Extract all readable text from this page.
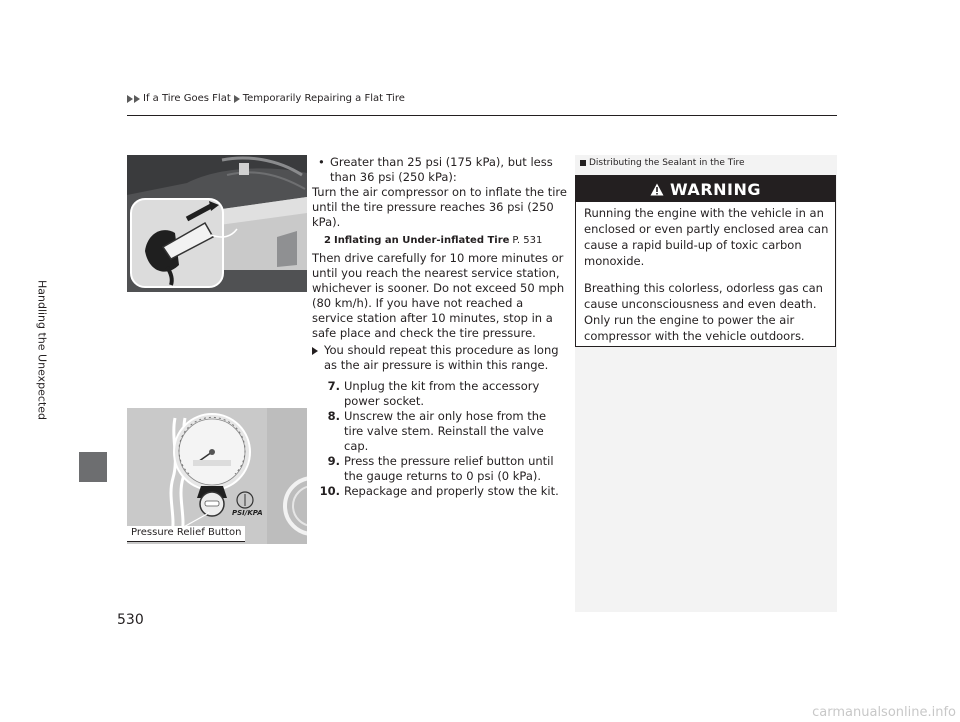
If a Tire Goes Flat Temporarily Repairing a Flat Tire
Handling the Unexpected
530
PSI/KPA
Pressure Relief Button
• Greater than 25 psi (175 kPa), but less than 36 psi (250 kPa):

Turn the air compressor on to inflate the tire until the tire pressure reaches 36 psi (250 kPa).

2 Inflating an Under-inflated Tire P. 531

Then drive carefully for 10 more minutes or until you reach the nearest service station, whichever is sooner. Do not exceed 50 mph (80 km/h). If you have not reached a service station after 10 minutes, stop in a safe place and check the tire pressure.

You should repeat this procedure as long as the air pressure is within this range.
7. Unplug the kit from the accessory power socket.
8. Unscrew the air only hose from the tire valve stem. Reinstall the valve cap.
9. Press the pressure relief button until the gauge returns to 0 psi (0 kPa).
10. Repackage and properly stow the kit.
Distributing the Sealant in the Tire
WARNING

Running the engine with the vehicle in an enclosed or even partly enclosed area can cause a rapid build-up of toxic carbon monoxide.

Breathing this colorless, odorless gas can cause unconsciousness and even death. Only run the engine to power the air compressor with the vehicle outdoors.

carmanualsonline.info
